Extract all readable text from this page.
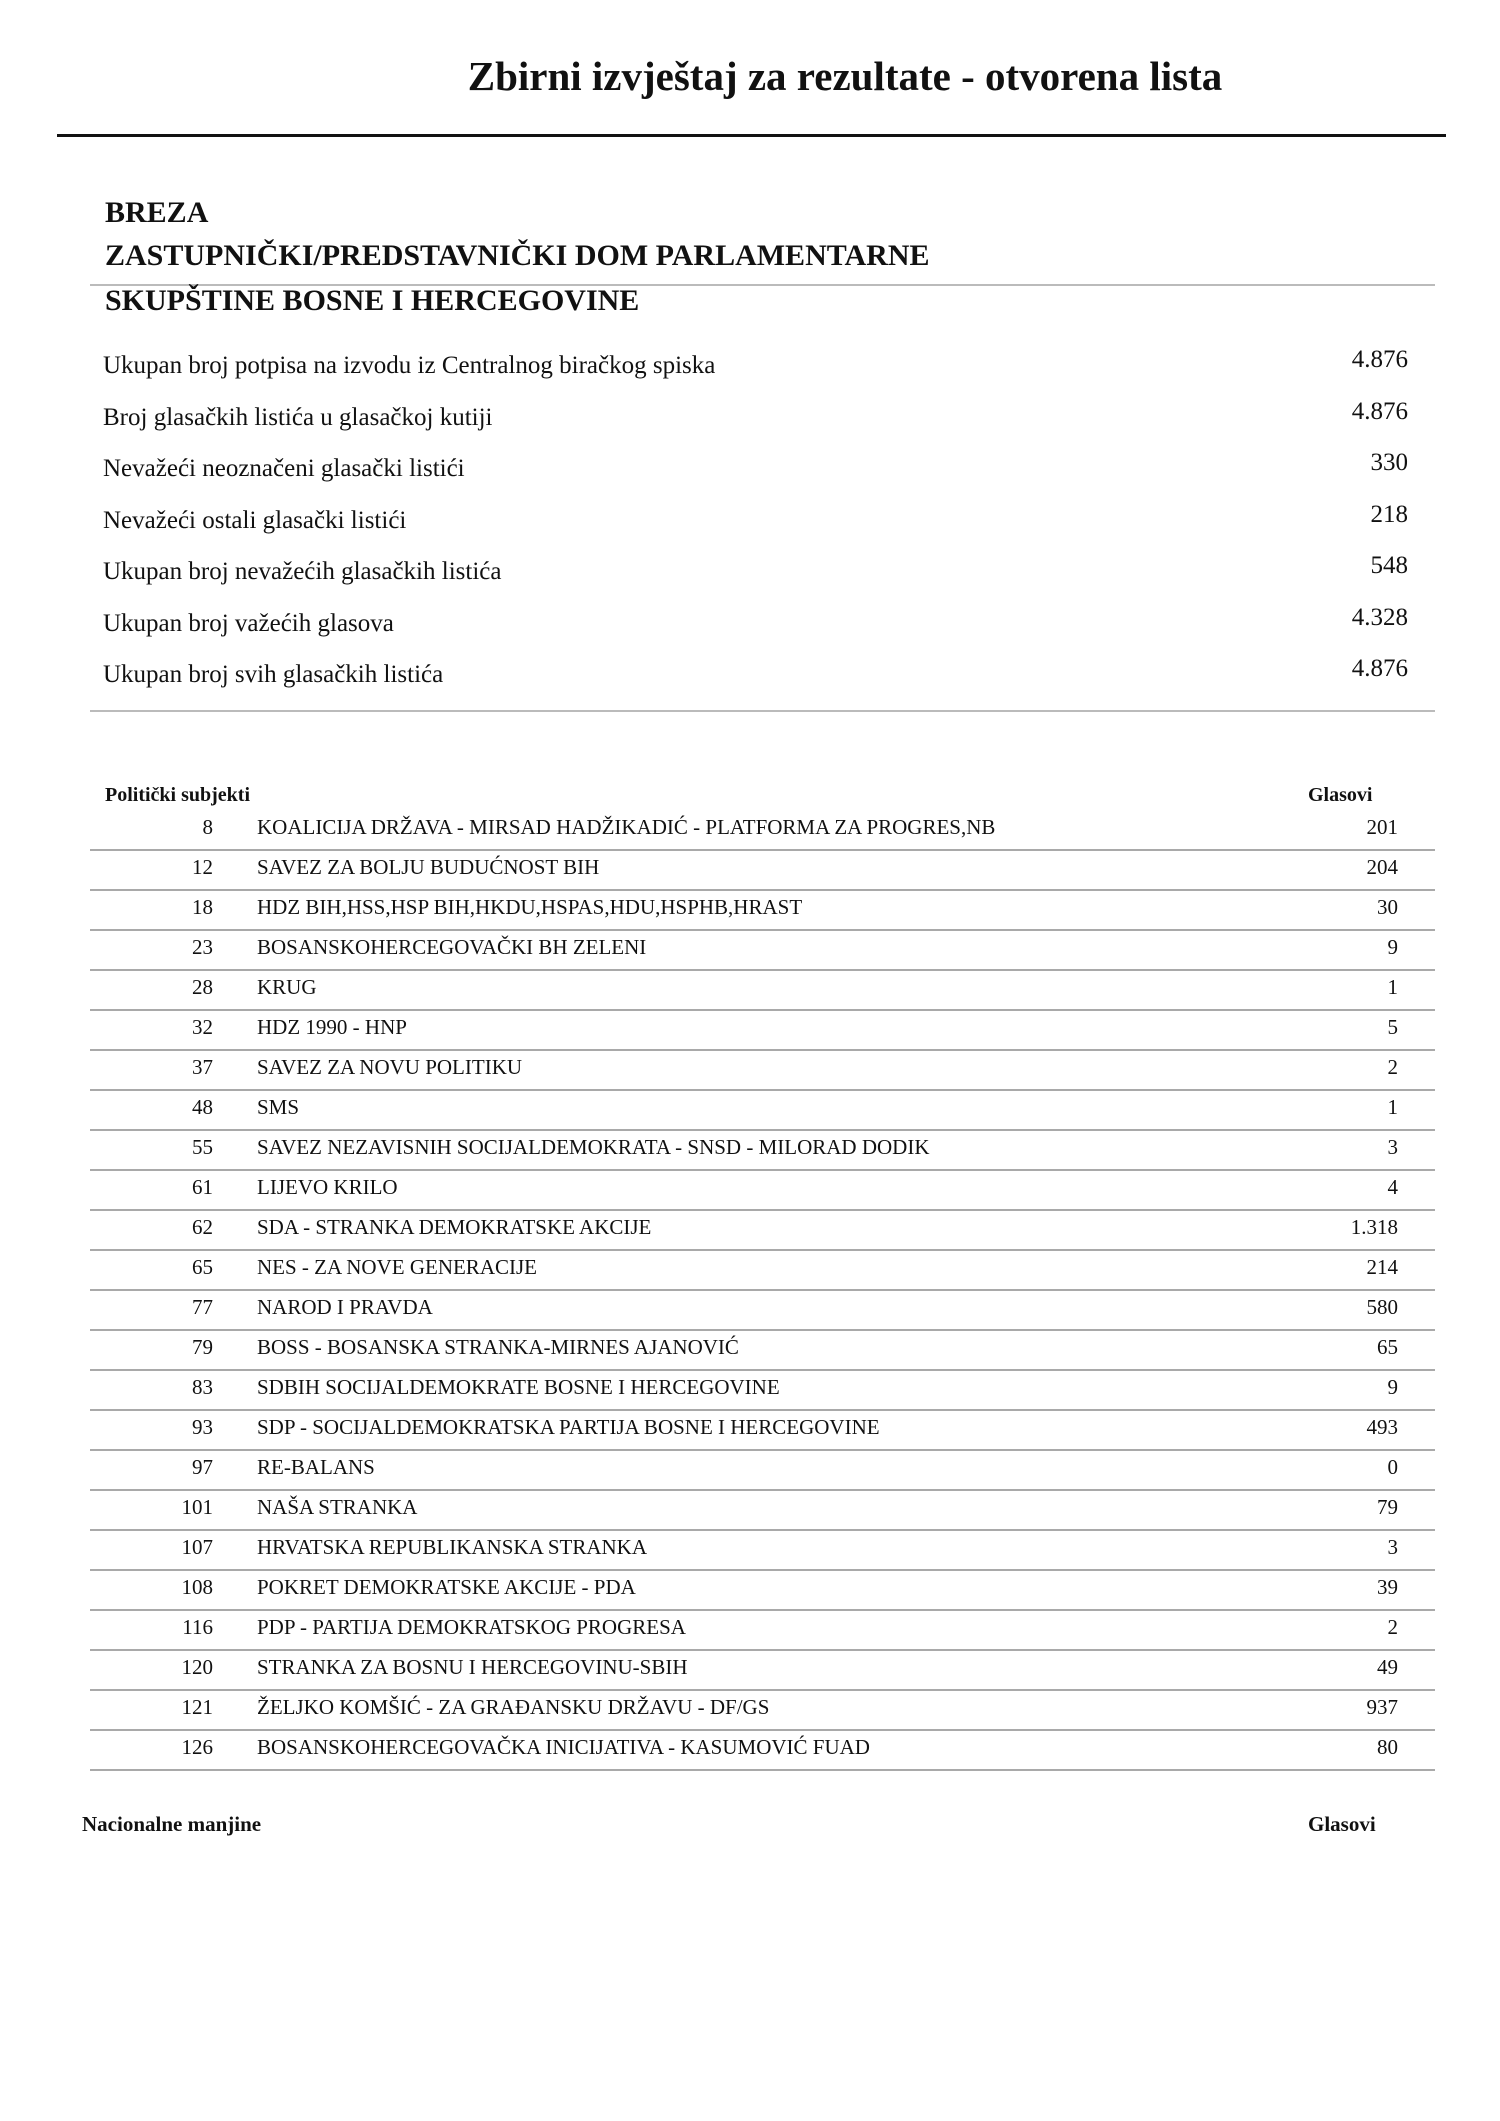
Zbirni izvještaj za rezultate - otvorena lista
BREZA
ZASTUPNIČKI/PREDSTAVNIČKI DOM PARLAMENTARNE
SKUPŠTINE BOSNE I HERCEGOVINE
Ukupan broj potpisa na izvodu iz Centralnog biračkog spiska	4.876
Broj glasačkih listića u glasačkoj kutiji	4.876
Nevažeći neoznačeni glasački listići	330
Nevažeći ostali glasački listići	218
Ukupan broj nevažećih glasačkih listića	548
Ukupan broj važećih glasova	4.328
Ukupan broj svih glasačkih listića	4.876
Politički subjekti	Glasovi
8 KOALICIJA DRŽAVA - MIRSAD HADŽIKADIĆ - PLATFORMA ZA PROGRES,NB	201
12 SAVEZ ZA BOLJU BUDUĆNOST BIH	204
18 HDZ BIH,HSS,HSP BIH,HKDU,HSPAS,HDU,HSPHB,HRAST	30
23 BOSANSKOHERCEGOVAČKI BH ZELENI	9
28 KRUG	1
32 HDZ 1990 - HNP	5
37 SAVEZ ZA NOVU POLITIKU	2
48 SMS	1
55 SAVEZ NEZAVISNIH SOCIJALDEMOKRATA - SNSD - MILORAD DODIK	3
61 LIJEVO KRILO	4
62 SDA - STRANKA DEMOKRATSKE AKCIJE	1.318
65 NES - ZA NOVE GENERACIJE	214
77 NAROD I PRAVDA	580
79 BOSS - BOSANSKA STRANKA-MIRNES AJANOVIĆ	65
83 SDBIH SOCIJALDEMOKRATE BOSNE I HERCEGOVINE	9
93 SDP - SOCIJALDEMOKRATSKA PARTIJA BOSNE I HERCEGOVINE	493
97 RE-BALANS	0
101 NAŠA STRANKA	79
107 HRVATSKA REPUBLIKANSKA STRANKA	3
108 POKRET DEMOKRATSKE AKCIJE - PDA	39
116 PDP - PARTIJA DEMOKRATSKOG PROGRESA	2
120 STRANKA ZA BOSNU I HERCEGOVINU-SBIH	49
121 ŽELJKO KOMŠIĆ - ZA GRAĐANSKU DRŽAVU - DF/GS	937
126 BOSANSKOHERCEGOVAČKA INICIJATIVA - KASUMOVIĆ FUAD	80
Nacionalne manjine	Glasovi
